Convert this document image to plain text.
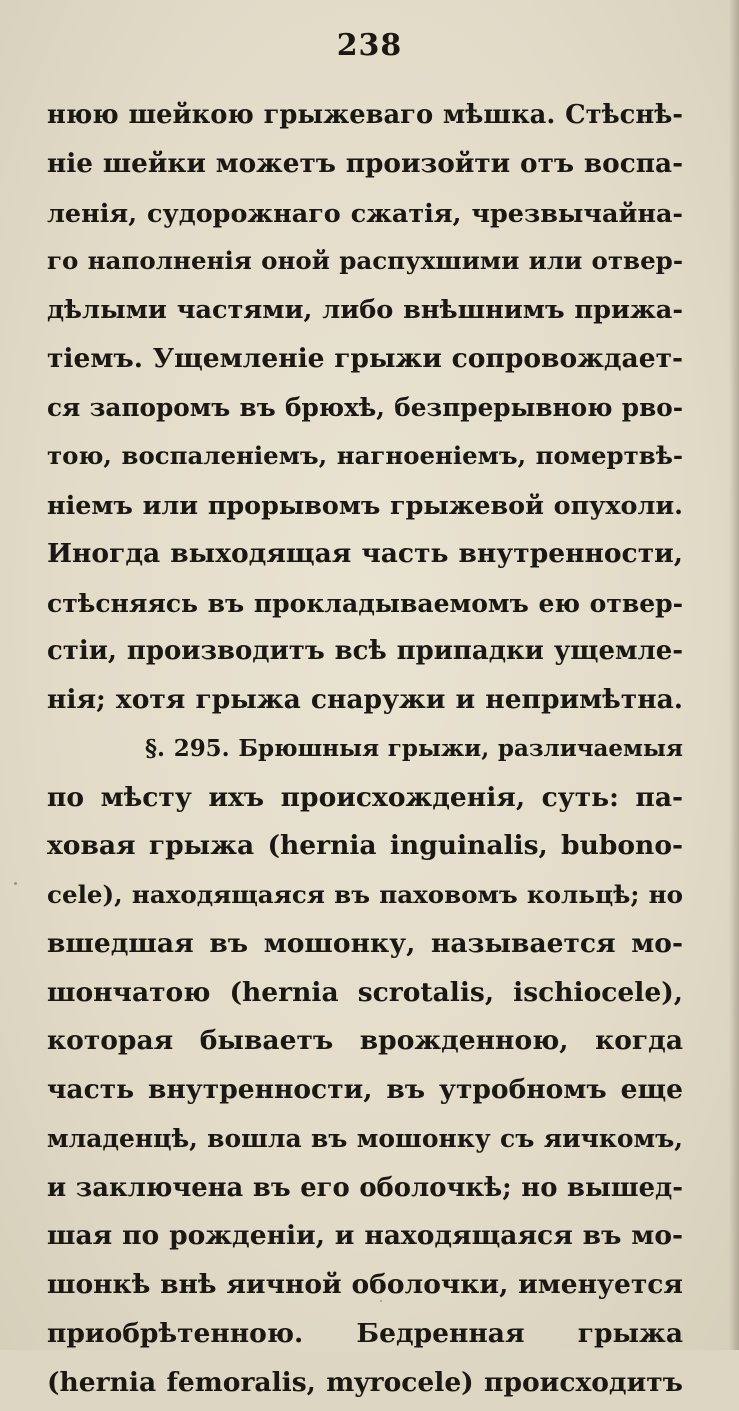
238
нюю шейкою грыжеваго мѣшка. Стѣснѣ-
ніе шейки можетъ произойти отъ воспа-
ленія, судорожнаго сжатія, чрезвычайна-
го наполненія оной распухшими или отвер-
дѣлыми частями, либо внѣшнимъ прижа-
тіемъ. Ущемленіе грыжи сопровождает-
ся запоромъ въ брюхѣ, безпрерывною рво-
тою, воспаленіемъ, нагноеніемъ, помертвѣ-
ніемъ или прорывомъ грыжевой опухоли.
Иногда выходящая часть внутренности,
стѣсняясь въ прокладываемомъ ею отвер-
стіи, производитъ всѣ припадки ущемле-
нія; хотя грыжа снаружи и непримѣтна.
§. 295. Брюшныя грыжи, различаемыя
по мѣсту ихъ происхожденія, суть: па-
ховая грыжа (hernia inguinalis, bubono-
cele), находящаяся въ паховомъ кольцѣ; но
вшедшая въ мошонку, называется мо-
шончатою (hernia scrotalis, ischiocele),
которая бываетъ врожденною, когда
часть внутренности, въ утробномъ еще
младенцѣ, вошла въ мошонку съ яичкомъ,
и заключена въ его оболочкѣ; но вышед-
шая по рожденіи, и находящаяся въ мо-
шонкѣ внѣ яичной оболочки, именуется
приобрѣтенною. Бедренная грыжа
(hernia femoralis, myrocele) происходитъ
